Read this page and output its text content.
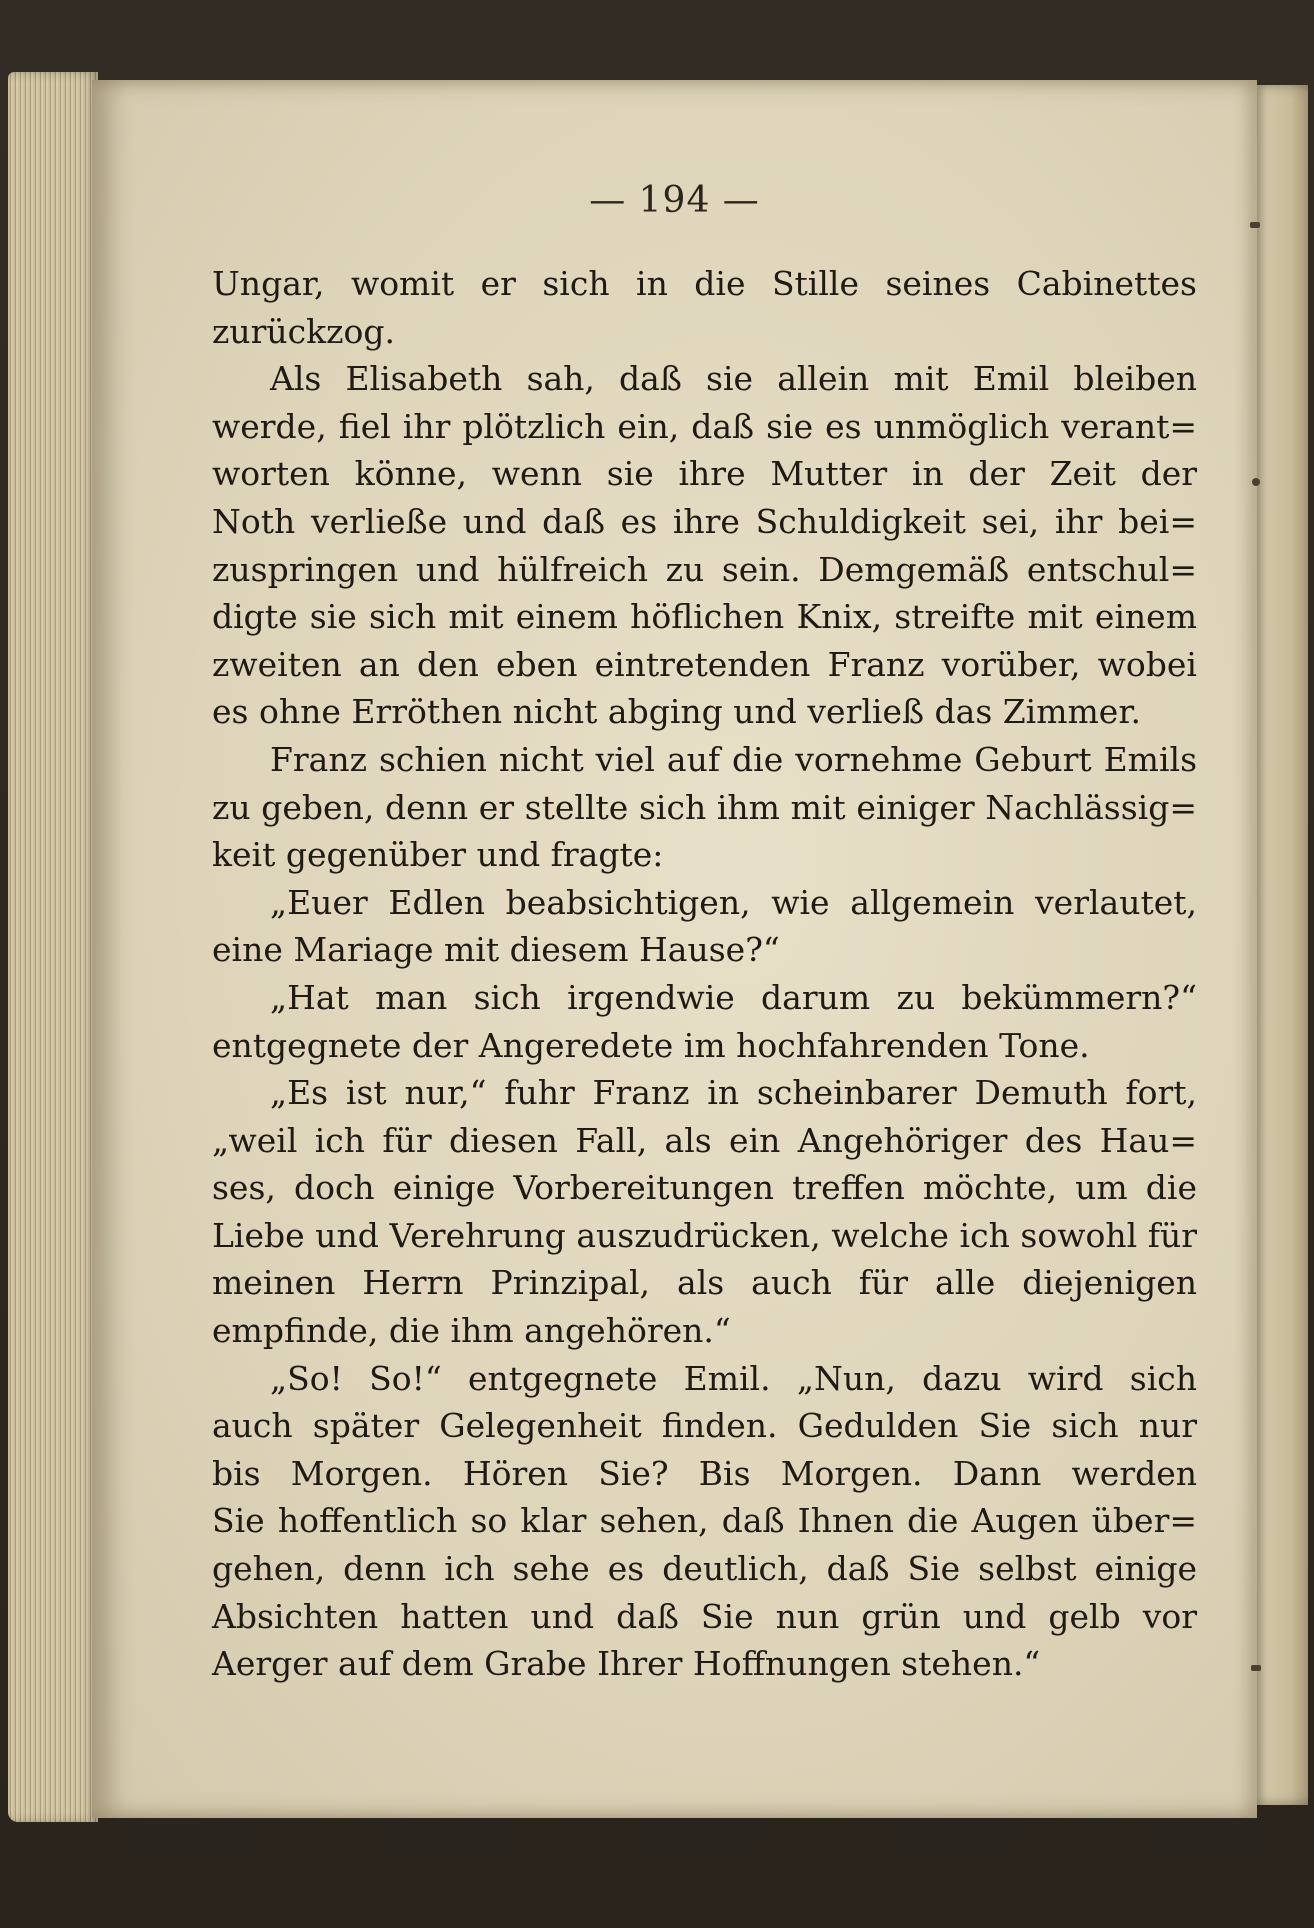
— 194 —
Ungar, womit er sich in die Stille seines Cabinettes
zurückzog.
Als Elisabeth sah, daß sie allein mit Emil bleiben
werde, fiel ihr plötzlich ein, daß sie es unmöglich verant=
worten könne, wenn sie ihre Mutter in der Zeit der
Noth verließe und daß es ihre Schuldigkeit sei, ihr bei=
zuspringen und hülfreich zu sein. Demgemäß entschul=
digte sie sich mit einem höflichen Knix, streifte mit einem
zweiten an den eben eintretenden Franz vorüber, wobei
es ohne Erröthen nicht abging und verließ das Zimmer.
Franz schien nicht viel auf die vornehme Geburt Emils
zu geben, denn er stellte sich ihm mit einiger Nachlässig=
keit gegenüber und fragte:
„Euer Edlen beabsichtigen, wie allgemein verlautet,
eine Mariage mit diesem Hause?“
„Hat man sich irgendwie darum zu bekümmern?“
entgegnete der Angeredete im hochfahrenden Tone.
„Es ist nur,“ fuhr Franz in scheinbarer Demuth fort,
„weil ich für diesen Fall, als ein Angehöriger des Hau=
ses, doch einige Vorbereitungen treffen möchte, um die
Liebe und Verehrung auszudrücken, welche ich sowohl für
meinen Herrn Prinzipal, als auch für alle diejenigen
empfinde, die ihm angehören.“
„So! So!“ entgegnete Emil. „Nun, dazu wird sich
auch später Gelegenheit finden. Gedulden Sie sich nur
bis Morgen. Hören Sie? Bis Morgen. Dann werden
Sie hoffentlich so klar sehen, daß Ihnen die Augen über=
gehen, denn ich sehe es deutlich, daß Sie selbst einige
Absichten hatten und daß Sie nun grün und gelb vor
Aerger auf dem Grabe Ihrer Hoffnungen stehen.“
